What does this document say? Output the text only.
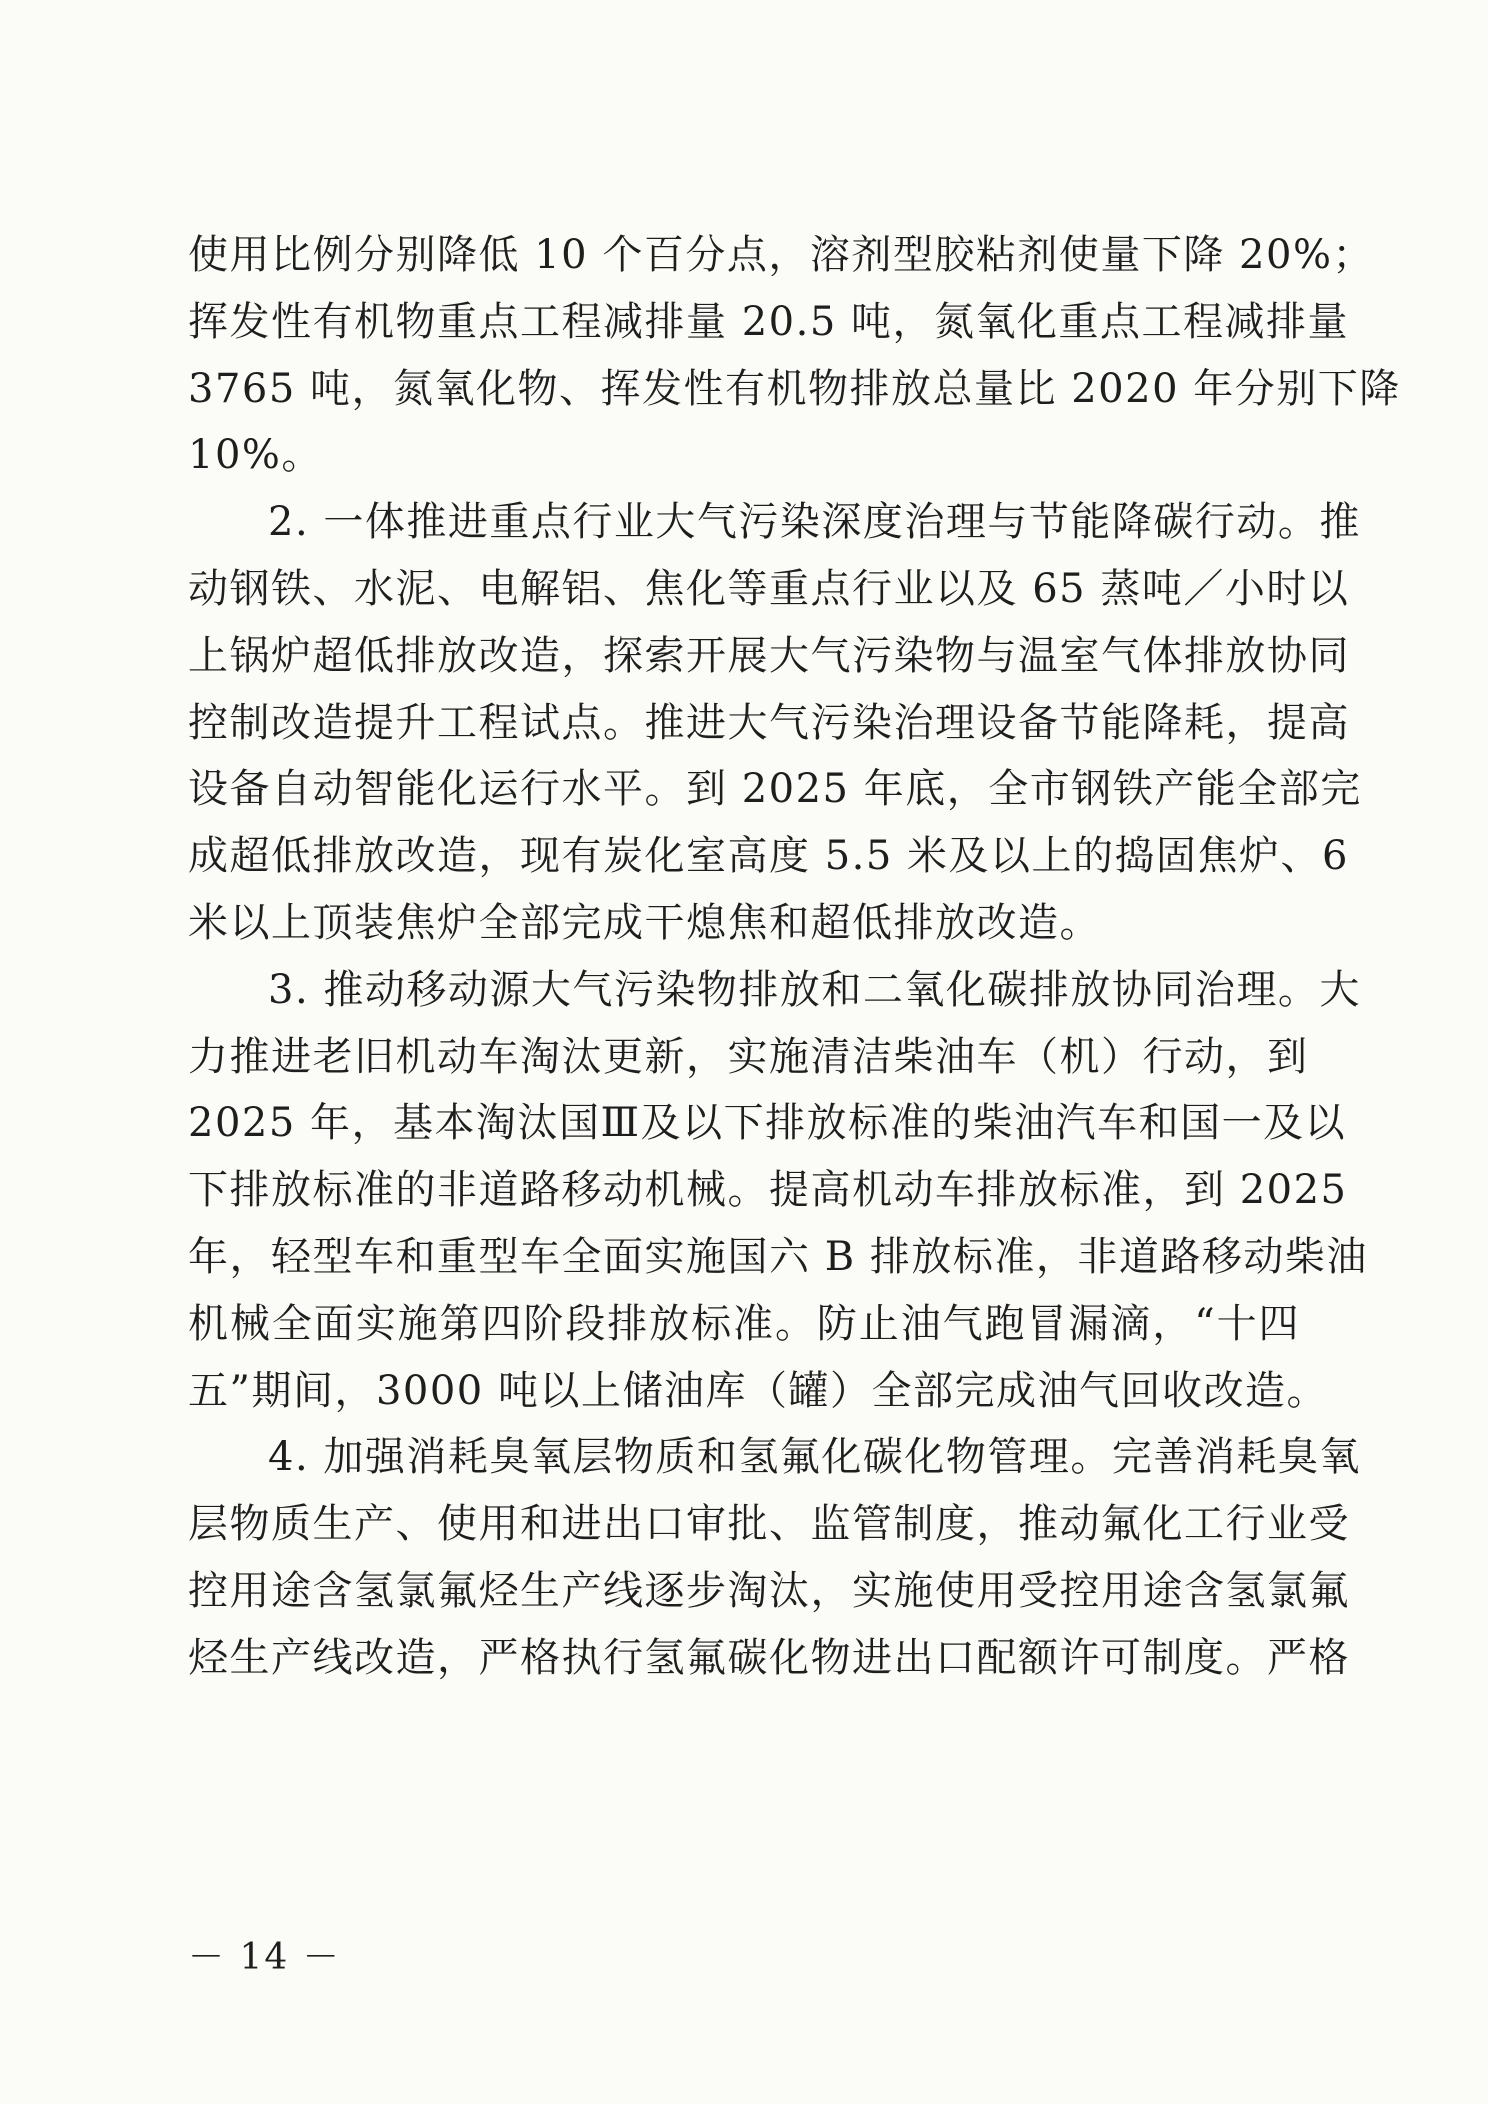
使用比例分别降低 10 个百分点，溶剂型胶粘剂使量下降 20%；
挥发性有机物重点工程减排量 20.5 吨，氮氧化重点工程减排量
3765 吨，氮氧化物、挥发性有机物排放总量比 2020 年分别下降
10%。
2. 一体推进重点行业大气污染深度治理与节能降碳行动。推
动钢铁、水泥、电解铝、焦化等重点行业以及 65 蒸吨／小时以
上锅炉超低排放改造，探索开展大气污染物与温室气体排放协同
控制改造提升工程试点。推进大气污染治理设备节能降耗，提高
设备自动智能化运行水平。到 2025 年底，全市钢铁产能全部完
成超低排放改造，现有炭化室高度 5.5 米及以上的捣固焦炉、6
米以上顶装焦炉全部完成干熄焦和超低排放改造。
3. 推动移动源大气污染物排放和二氧化碳排放协同治理。大
力推进老旧机动车淘汰更新，实施清洁柴油车（机）行动，到
2025 年，基本淘汰国Ⅲ及以下排放标准的柴油汽车和国一及以
下排放标准的非道路移动机械。提高机动车排放标准，到 2025
年，轻型车和重型车全面实施国六 B 排放标准，非道路移动柴油
机械全面实施第四阶段排放标准。防止油气跑冒漏滴，“十四
五”期间，3000 吨以上储油库（罐）全部完成油气回收改造。
4. 加强消耗臭氧层物质和氢氟化碳化物管理。完善消耗臭氧
层物质生产、使用和进出口审批、监管制度，推动氟化工行业受
控用途含氢氯氟烃生产线逐步淘汰，实施使用受控用途含氢氯氟
烃生产线改造，严格执行氢氟碳化物进出口配额许可制度。严格
－ 14 －
